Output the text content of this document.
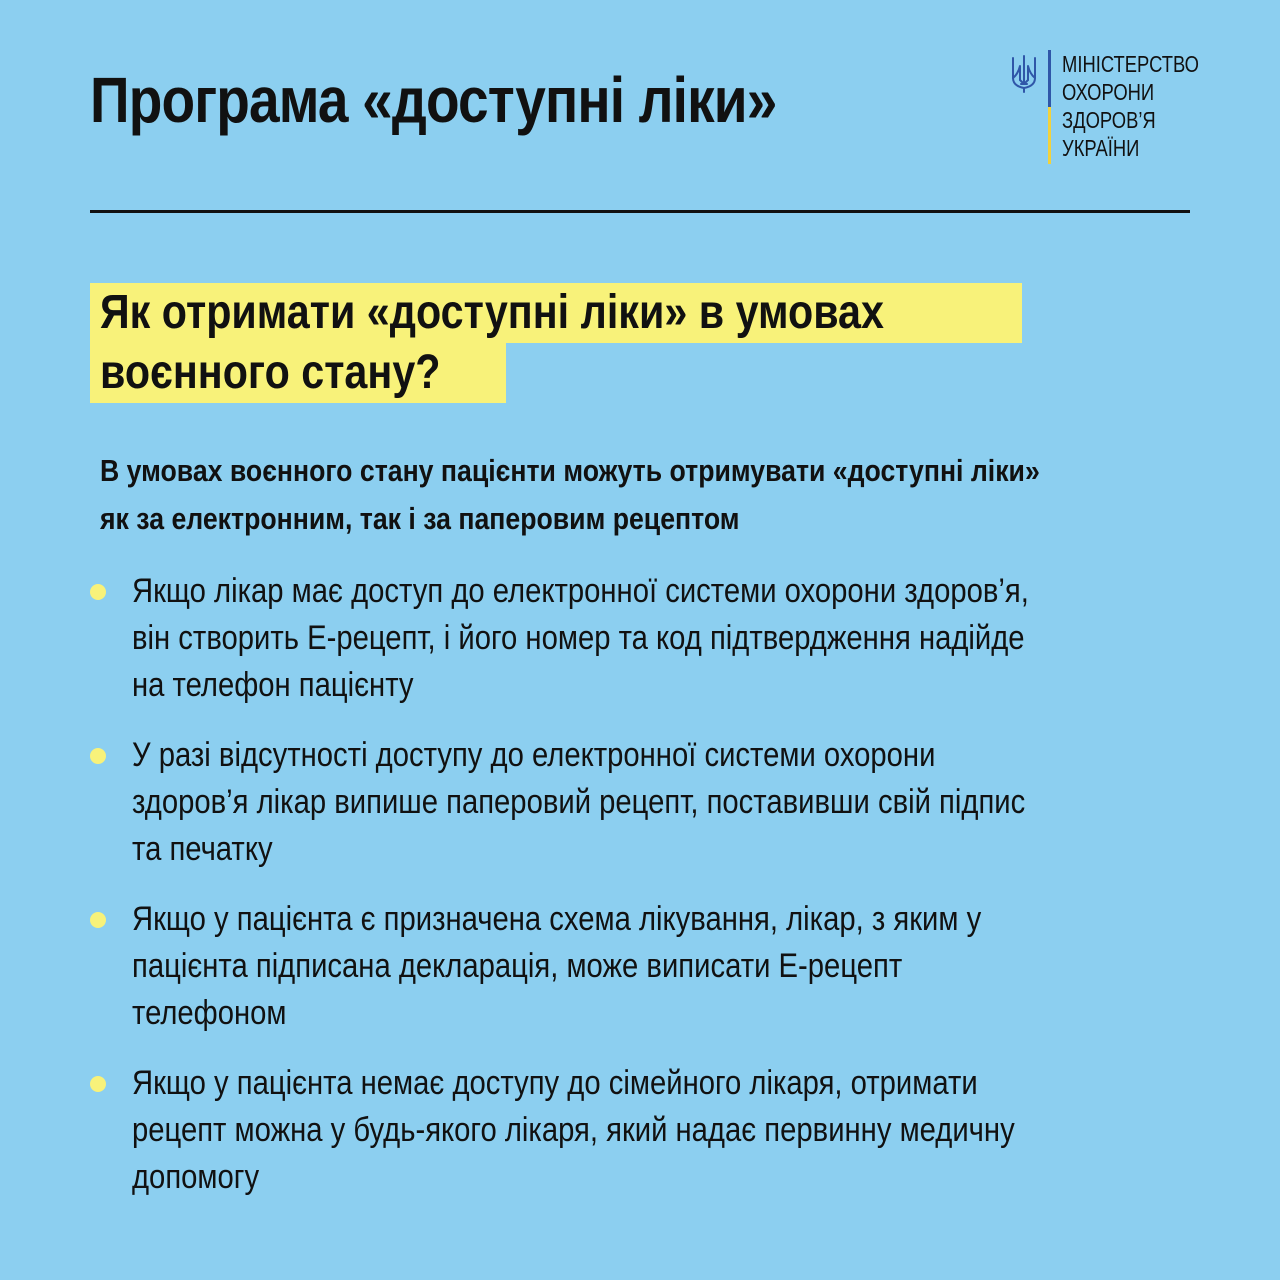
Програма «доступні ліки»	МІНІСТЕРСТВО
ОХОРОНИ
ЗДОРОВ’Я
УКРАЇНИ
Як отримати «доступні ліки» в умовах
воєнного стану?
В умовах воєнного стану пацієнти можуть отримувати «доступні ліки»
як за електронним, так і за паперовим рецептом
Якщо лікар має доступ до електронної системи охорони здоров’я,
він створить Е-рецепт, і його номер та код підтвердження надійде
на телефон пацієнту
У разі відсутності доступу до електронної системи охорони
здоров’я лікар випише паперовий рецепт, поставивши свій підпис
та печатку
Якщо у пацієнта є призначена схема лікування, лікар, з яким у
пацієнта підписана декларація, може виписати Е-рецепт
телефоном
Якщо у пацієнта немає доступу до сімейного лікаря, отримати
рецепт можна у будь-якого лікаря, який надає первинну медичну
допомогу
